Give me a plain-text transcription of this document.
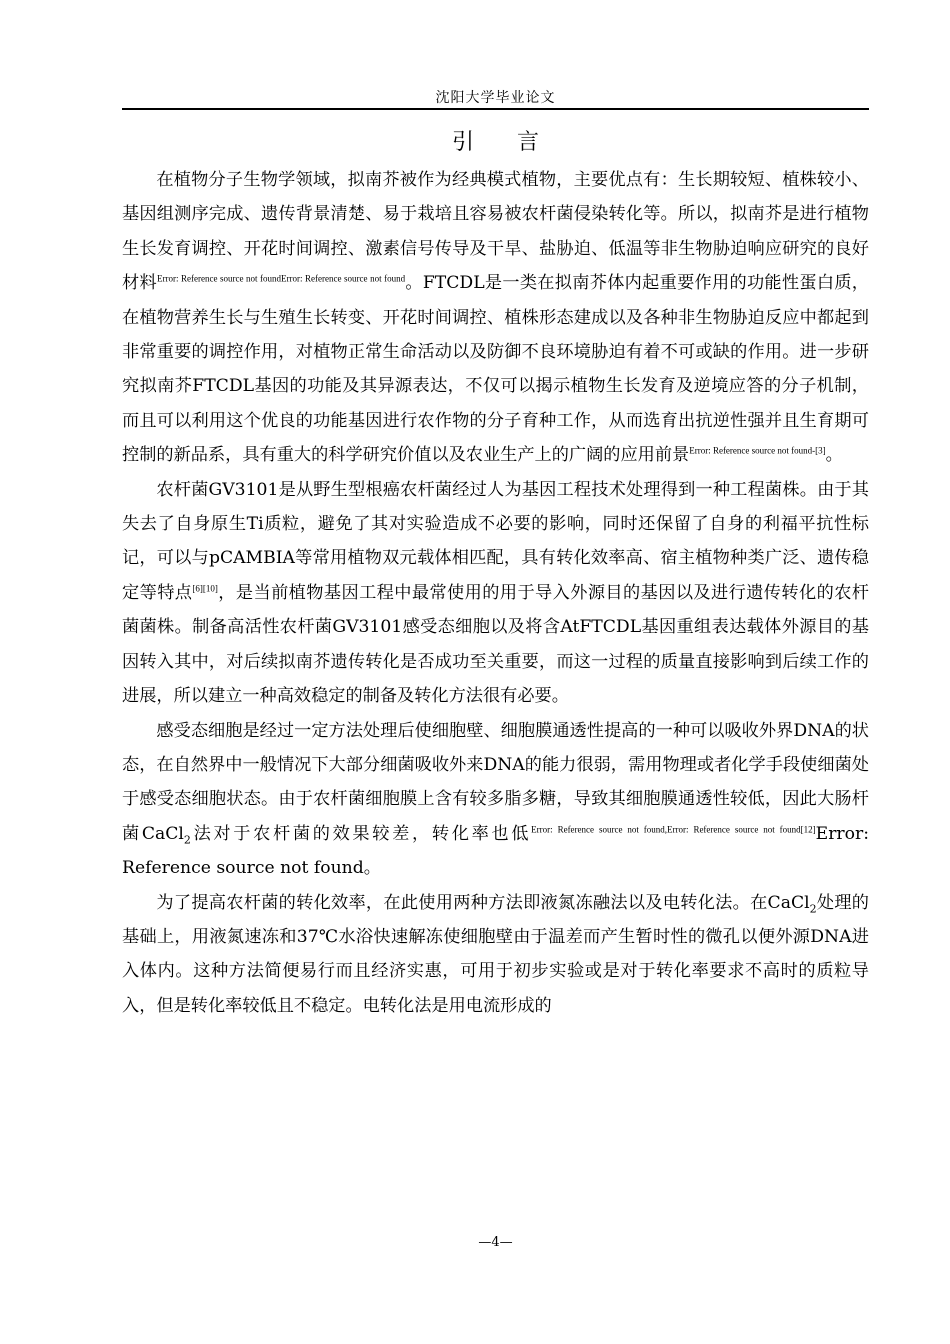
沈阳大学毕业论文
引 言

在植物分子生物学领域，拟南芥被作为经典模式植物，主要优点有：生长期较短、植株较小、基因组测序完成、遗传背景清楚、易于栽培且容易被农杆菌侵染转化等。所以，拟南芥是进行植物生长发育调控、开花时间调控、激素信号传导及干旱、盐胁迫、低温等非生物胁迫响应研究的良好材料$^{Error: Reference source not foundError: Reference source not found}$。FTCDL是一类在拟南芥体内起重要作用的功能性蛋白质，在植物营养生长与生殖生长转变、开花时间调控、植株形态建成以及各种非生物胁迫反应中都起到非常重要的调控作用，对植物正常生命活动以及防御不良环境胁迫有着不可或缺的作用。进一步研究拟南芥FTCDL基因的功能及其异源表达，不仅可以揭示植物生长发育及逆境应答的分子机制，而且可以利用这个优良的功能基因进行农作物的分子育种工作，从而选育出抗逆性强并且生育期可控制的新品系，具有重大的科学研究价值以及农业生产上的广阔的应用前景$^{Error: Reference source not found-[3]}$。

农杆菌GV3101是从野生型根癌农杆菌经过人为基因工程技术处理得到一种工程菌株。由于其失去了自身原生Ti质粒，避免了其对实验造成不必要的影响，同时还保留了自身的利福平抗性标记，可以与pCAMBIA等常用植物双元载体相匹配，具有转化效率高、宿主植物种类广泛、遗传稳定等特点[6][10]，是当前植物基因工程中最常使用的用于导入外源目的基因以及进行遗传转化的农杆菌菌株。制备高活性农杆菌GV3101感受态细胞以及将含AtFTCDL基因重组表达载体外源目的基因转入其中，对后续拟南芥遗传转化是否成功至关重要，而这一过程的质量直接影响到后续工作的进展，所以建立一种高效稳定的制备及转化方法很有必要。

感受态细胞是经过一定方法处理后使细胞壁、细胞膜通透性提高的一种可以吸收外界DNA的状态，在自然界中一般情况下大部分细菌吸收外来DNA的能力很弱，需用物理或者化学手段使细菌处于感受态细胞状态。由于农杆菌细胞膜上含有较多脂多糖，导致其细胞膜通透性较低，因此大肠杆菌CaCl$_2$法对于农杆菌的效果较差，转化率也低$^{Error: Reference source not found,Error: Reference source not found[12]}$Error: Reference source not found。

为了提高农杆菌的转化效率，在此使用两种方法即液氮冻融法以及电转化法。在CaCl$_2$处理的基础上，用液氮速冻和37℃水浴快速解冻使细胞壁由于温差而产生暂时性的微孔以便外源DNA进入体内。这种方法简便易行而且经济实惠，可用于初步实验或是对于转化率要求不高时的质粒导入，但是转化率较低且不稳定。电转化法是用电流形成的

—4—
